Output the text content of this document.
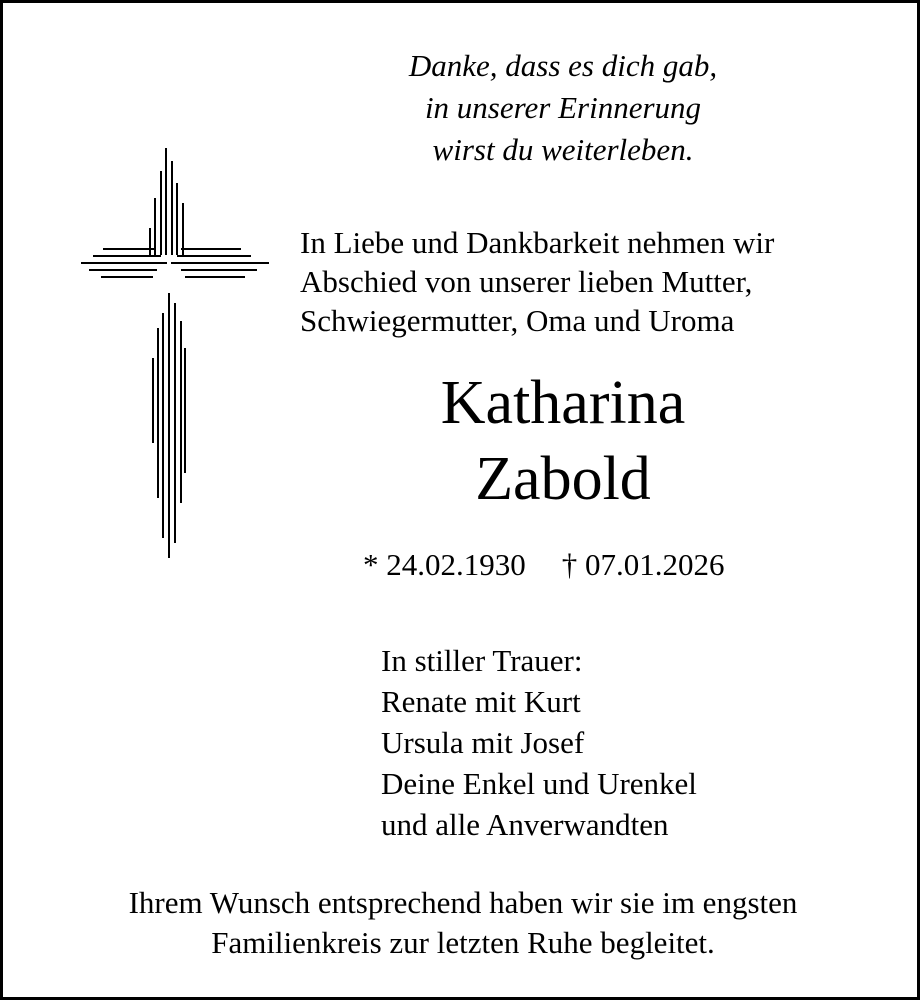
Danke, dass es dich gab,
in unserer Erinnerung
wirst du weiterleben.
In Liebe und Dankbarkeit nehmen wir
Abschied von unserer lieben Mutter,
Schwiegermutter, Oma und Uroma
Katharina
Zabold
* 24.02.1930 † 07.01.2026
In stiller Trauer:
Renate mit Kurt
Ursula mit Josef
Deine Enkel und Urenkel
und alle Anverwandten
Ihrem Wunsch entsprechend haben wir sie im engsten
Familienkreis zur letzten Ruhe begleitet.
